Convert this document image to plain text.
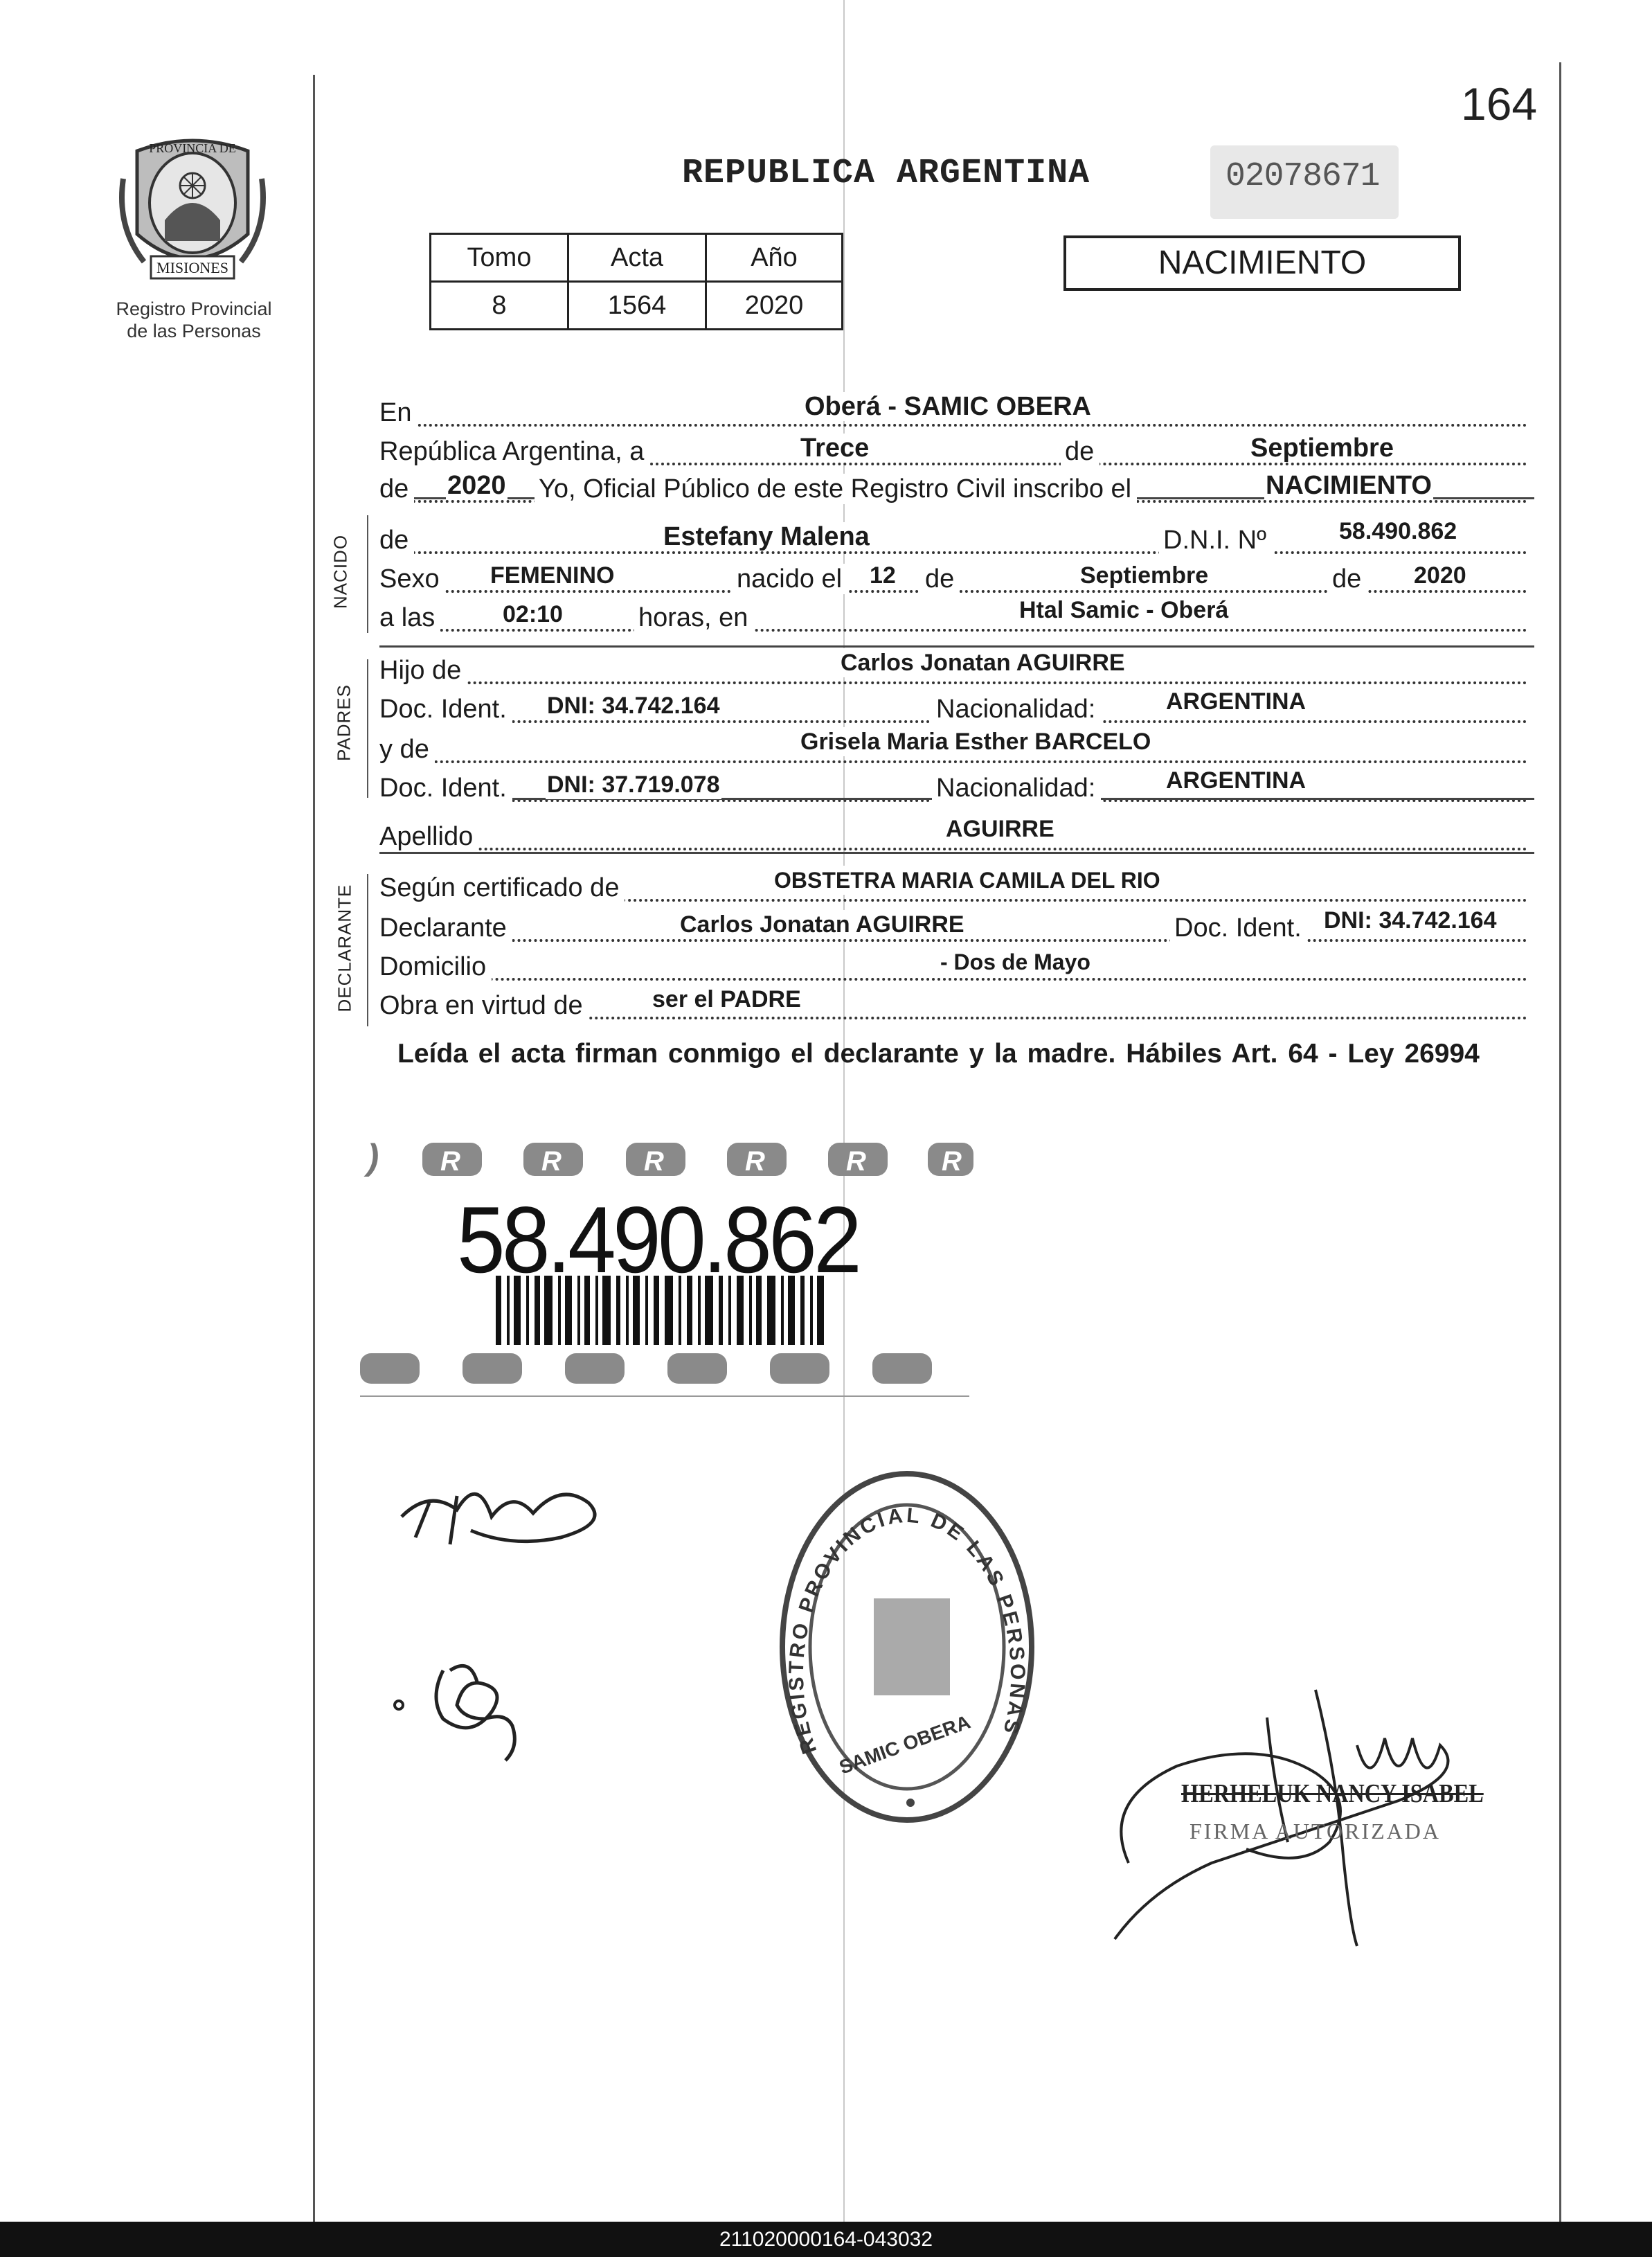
MISIONES
PROVINCIA DE
Registro Provincial
de las Personas
164
REPUBLICA ARGENTINA	02078671
Tomo	Acta	Año
8	1564	2020
NACIMIENTO
En	Oberá - SAMIC OBERA
República Argentina, a	Trece	de	Septiembre
de 2020 Yo, Oficial Público de este Registro Civil inscribo el	NACIMIENTO
NACIDO de	Estefany Malena	D.N.I. Nº	58.490.862
Sexo FEMENINO	nacido el 12 de	Septiembre	de 2020
a las	02:10	horas, en	Htal Samic - Oberá
PADRES
Hijo de	Carlos Jonatan AGUIRRE
Doc. Ident. DNI: 34.742.164	Nacionalidad:	ARGENTINA
y de	Grisela Maria Esther BARCELO
Doc. Ident. DNI: 37.719.078	Nacionalidad:	ARGENTINA
Apellido	AGUIRRE
DECLARANTE Según certificado de	OBSTETRA MARIA CAMILA DEL RIO
Declarante	Carlos Jonatan AGUIRRE	Doc. Ident. DNI: 34.742.164
Domicilio	- Dos de Mayo
Obra en virtud de	ser el PADRE
Leída el acta firman conmigo el declarante y la madre. Hábiles Art. 64 - Ley 26994
) R	R	R	R	R	R
58.490.862
REGISTRO PROVINCIAL DE LAS PERSONAS
SAMIC OBERA
HERHELUK NANCY ISABEL
FIRMA AUTORIZADA
211020000164-043032
